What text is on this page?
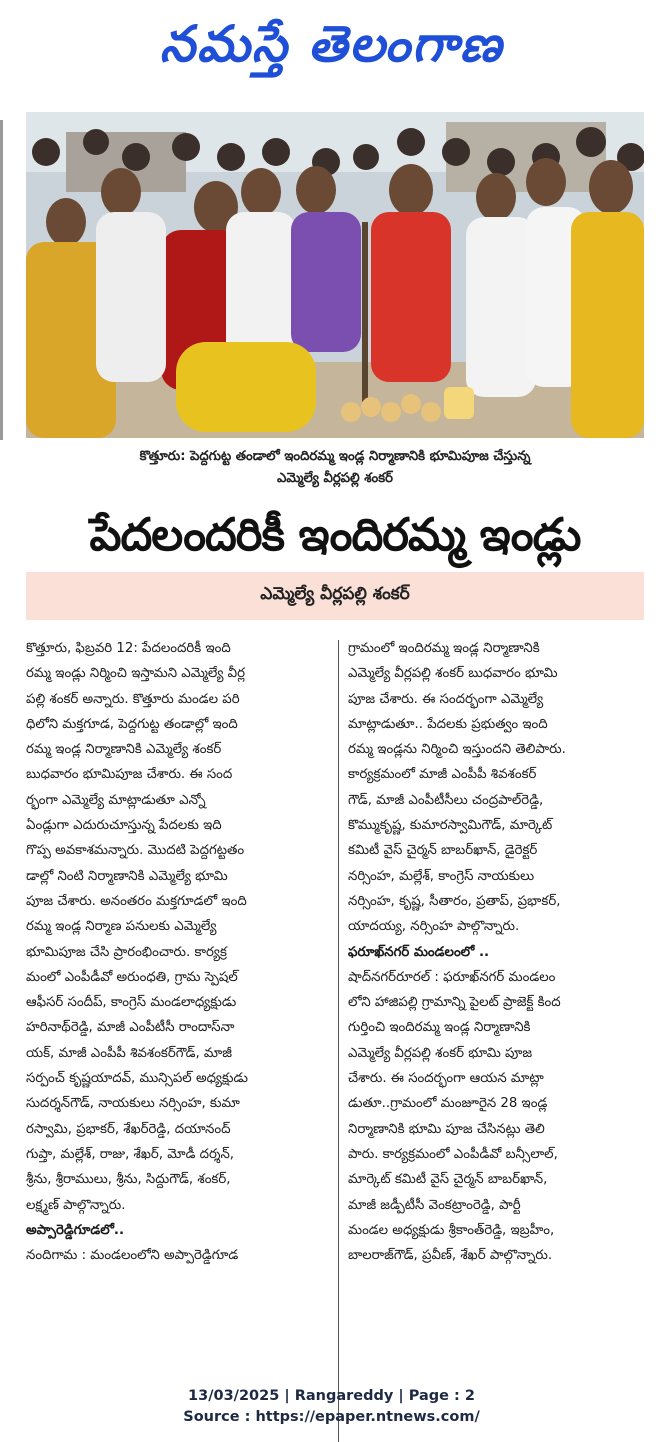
నమస్తే తెలంగాణ
కొత్తూరు: పెద్దగుట్ట తండాలో ఇందిరమ్మ ఇండ్ల నిర్మాణానికి భూమిపూజ చేస్తున్న
ఎమ్మెల్యే వీర్లపల్లి శంకర్
పేదలందరికీ ఇందిరమ్మ ఇండ్లు
ఎమ్మెల్యే వీర్లపల్లి శంకర్

కొత్తూరు, ఫిబ్రవరి 12: పేదలందరికీ ఇంది

రమ్మ ఇండ్లు నిర్మించి ఇస్తామని ఎమ్మెల్యే వీర్ల

పల్లి శంకర్ అన్నారు. కొత్తూరు మండల పరి

ధిలోని మక్తగూడ, పెద్దగుట్ట తండాల్లో ఇంది

రమ్మ ఇండ్ల నిర్మాణానికి ఎమ్మెల్యే శంకర్

బుధవారం భూమిపూజ చేశారు. ఈ సంద

ర్భంగా ఎమ్మెల్యే మాట్లాడుతూ ఎన్నో

ఏండ్లుగా ఎదురుచూస్తున్న పేదలకు ఇది

గొప్ప అవకాశమన్నారు. మొదటి పెద్దగట్టతం

డాల్లో నింటి నిర్మాణానికి ఎమ్మెల్యే భూమి

పూజ చేశారు. అనంతరం మక్తగూడలో ఇంది

రమ్మ ఇండ్ల నిర్మాణ పనులకు ఎమ్మెల్యే

భూమిపూజ చేసి ప్రారంభించారు. కార్యక్ర

మంలో ఎంపీడీవో అరుంధతి, గ్రామ స్పెషల్

ఆఫీసర్ సందీప్, కాంగ్రెస్ మండలాధ్యక్షుడు

హరినాథ్‌రెడ్డి, మాజీ ఎంపీటీసీ రాందాస్‌నా

యక్, మాజీ ఎంపీపీ శివశంకర్‌గౌడ్, మాజీ

సర్పంచ్ కృష్ణయాదవ్, మున్సిపల్ అధ్యక్షుడు

సుదర్శన్‌గౌడ్, నాయకులు నర్సింహ, కుమా

రస్వామి, ప్రభాకర్, శేఖర్‌రెడ్డి, దయానంద్

గుప్తా, మల్లేశ్, రాజు, శేఖర్, మోడీ దర్శన్,

శ్రీను, శ్రీరాములు, శ్రీను, సిద్దుగౌడ్, శంకర్,

లక్ష్మణ్ పాల్గొన్నారు.

అప్పారెడ్డిగూడలో..

నందిగామ : మండలంలోని అప్పారెడ్డిగూడ

గ్రామంలో ఇందిరమ్మ ఇండ్ల నిర్మాణానికి

ఎమ్మెల్యే వీర్లపల్లి శంకర్ బుధవారం భూమి

పూజ చేశారు. ఈ సందర్భంగా ఎమ్మెల్యే

మాట్లాడుతూ.. పేదలకు ప్రభుత్వం ఇంది

రమ్మ ఇండ్లను నిర్మించి ఇస్తుందని తెలిపారు.

కార్యక్రమంలో మాజీ ఎంపీపీ శివశంకర్

గౌడ్, మాజీ ఎంపీటీసీలు చంద్రపాల్‌రెడ్డి,

కొమ్ముకృష్ణ, కుమారస్వామిగౌడ్, మార్కెట్

కమిటీ వైస్ చైర్మన్ బాబర్‌ఖాన్, డైరెక్టర్

నర్సింహ, మల్లేశ్, కాంగ్రెస్ నాయకులు

నర్సింహ, కృష్ణ, సీతారం, ప్రతాప్, ప్రభాకర్,

యాదయ్య, నర్సింహ పాల్గొన్నారు.

ఫరూఖ్‌నగర్ మండలంలో ..

షాద్‌నగర్‌రూరల్ : ఫరూఖ్‌నగర్ మండలం

లోని హాజిపల్లి గ్రామాన్ని పైలట్ ప్రాజెక్ట్ కింద

గుర్తించి ఇందిరమ్మ ఇండ్ల నిర్మాణానికి

ఎమ్మెల్యే వీర్లపల్లి శంకర్ భూమి పూజ

చేశారు. ఈ సందర్భంగా ఆయన మాట్లా

డుతూ..గ్రామంలో మంజూరైన 28 ఇండ్ల

నిర్మాణానికి భూమి పూజ చేసినట్లు తెలి

పారు. కార్యక్రమంలో ఎంపీడీవో బన్సీలాల్,

మార్కెట్ కమిటీ వైస్ చైర్మన్ బాబర్‌ఖాన్,

మాజీ జడ్పీటీసీ వెంకట్రాంరెడ్డి, పార్టీ

మండల అధ్యక్షుడు శ్రీకాంత్‌రెడ్డి, ఇబ్రహీం,

బాలరాజ్‌గౌడ్, ప్రవీణ్, శేఖర్ పాల్గొన్నారు.

13/03/2025 | Rangareddy | Page : 2
Source : https://epaper.ntnews.com/
